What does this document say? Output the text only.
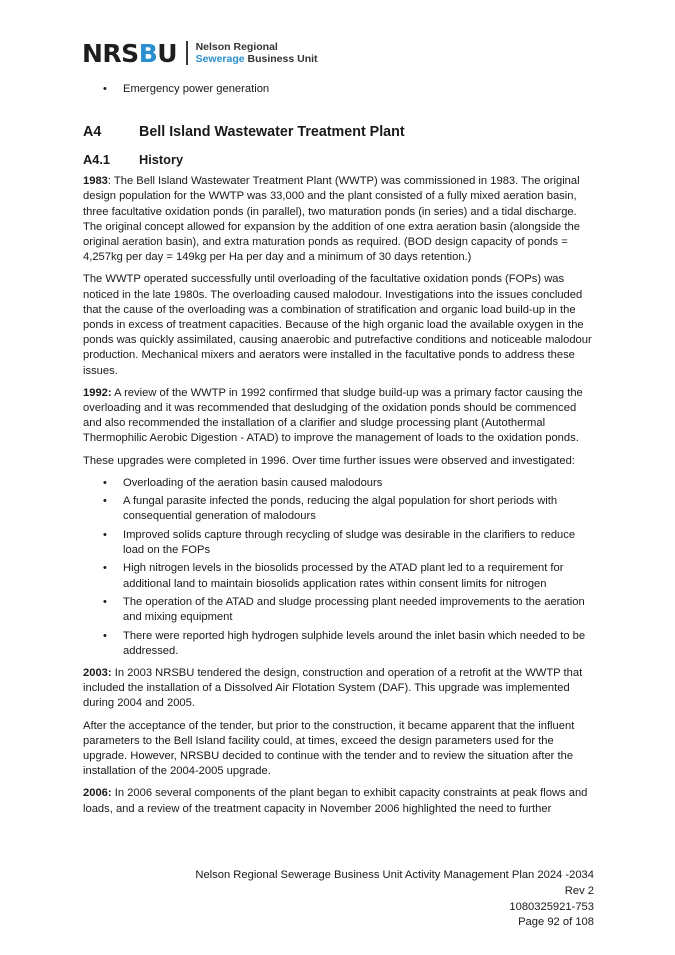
NRSBU Nelson Regional
Sewerage Business Unit
• Emergency power generation
A4	Bell Island Wastewater Treatment Plant
A4.1	History

1983: The Bell Island Wastewater Treatment Plant (WWTP) was commissioned in 1983. The original design population for the WWTP was 33,000 and the plant consisted of a fully mixed aeration basin, three facultative oxidation ponds (in parallel), two maturation ponds (in series) and a tidal discharge. The original concept allowed for expansion by the addition of one extra aeration basin (alongside the original aeration basin), and extra maturation ponds as required. (BOD design capacity of ponds = 4,257kg per day = 149kg per Ha per day and a minimum of 30 days retention.)

The WWTP operated successfully until overloading of the facultative oxidation ponds (FOPs) was noticed in the late 1980s. The overloading caused malodour. Investigations into the issues concluded that the cause of the overloading was a combination of stratification and organic load build-up in the ponds in excess of treatment capacities. Because of the high organic load the available oxygen in the ponds was quickly assimilated, causing anaerobic and putrefactive conditions and noticeable malodour production. Mechanical mixers and aerators were installed in the facultative ponds to address these issues.

1992: A review of the WWTP in 1992 confirmed that sludge build-up was a primary factor causing the overloading and it was recommended that desludging of the oxidation ponds should be commenced and also recommended the installation of a clarifier and sludge processing plant (Autothermal Thermophilic Aerobic Digestion - ATAD) to improve the management of loads to the oxidation ponds.

These upgrades were completed in 1996. Over time further issues were observed and investigated:

• Overloading of the aeration basin caused malodours
• A fungal parasite infected the ponds, reducing the algal population for short periods with consequential generation of malodours
• Improved solids capture through recycling of sludge was desirable in the clarifiers to reduce load on the FOPs
• High nitrogen levels in the biosolids processed by the ATAD plant led to a requirement for additional land to maintain biosolids application rates within consent limits for nitrogen
• The operation of the ATAD and sludge processing plant needed improvements to the aeration and mixing equipment
• There were reported high hydrogen sulphide levels around the inlet basin which needed to be addressed.

2003: In 2003 NRSBU tendered the design, construction and operation of a retrofit at the WWTP that included the installation of a Dissolved Air Flotation System (DAF). This upgrade was implemented during 2004 and 2005.

After the acceptance of the tender, but prior to the construction, it became apparent that the influent parameters to the Bell Island facility could, at times, exceed the design parameters used for the upgrade. However, NRSBU decided to continue with the tender and to review the situation after the installation of the 2004-2005 upgrade.

2006: In 2006 several components of the plant began to exhibit capacity constraints at peak flows and loads, and a review of the treatment capacity in November 2006 highlighted the need to further

Nelson Regional Sewerage Business Unit Activity Management Plan 2024 -2034
Rev 2
1080325921-753
Page 92 of 108
